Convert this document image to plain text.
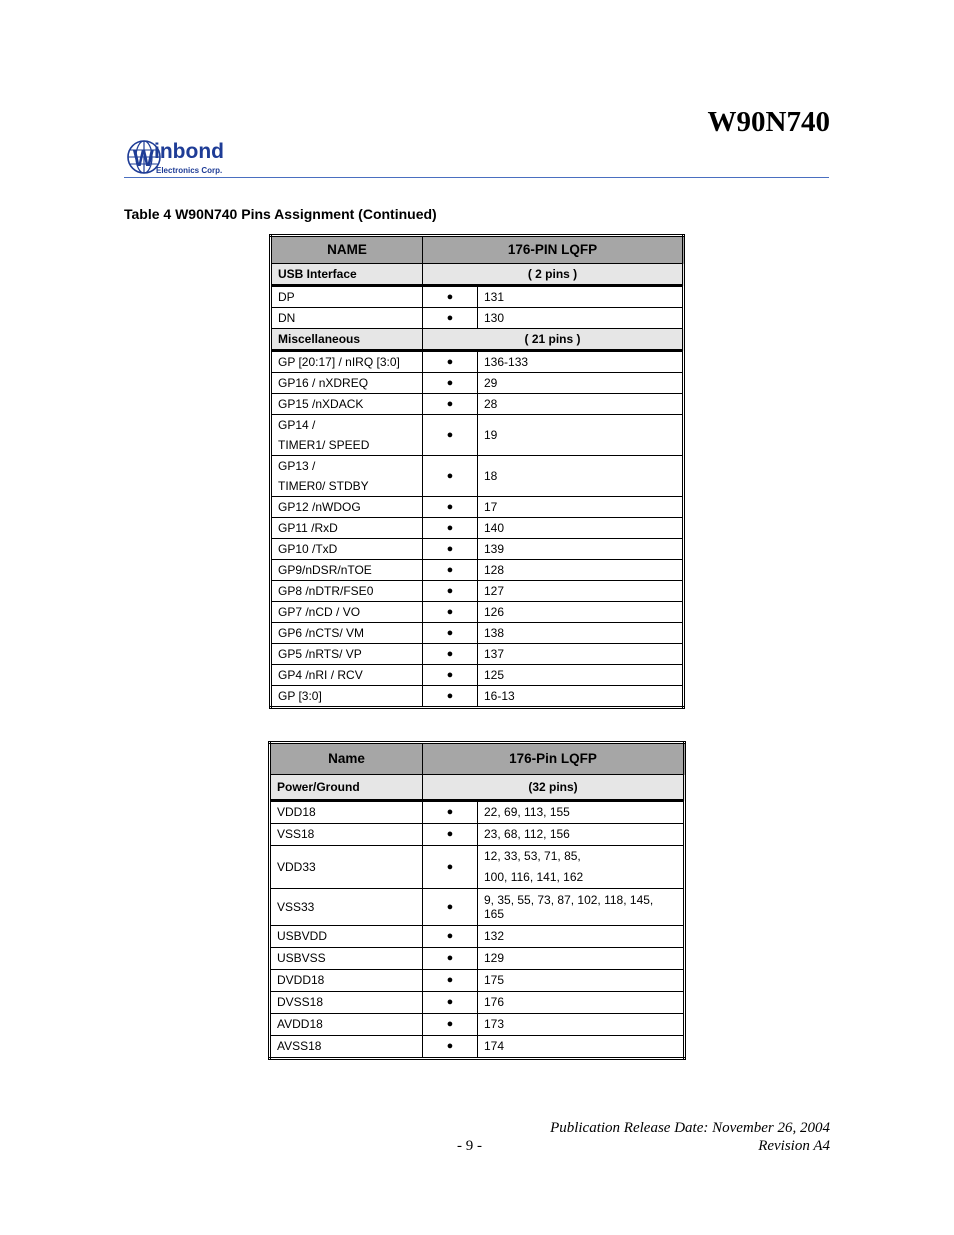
W90N740
W inbond
Electronics Corp.

Table 4 W90N740 Pins Assignment (Continued)

NAME	176-PIN LQFP	
USB Interface	( 2 pins )	

DP	●	131

DN	●	130

Miscellaneous	( 21 pins )	

GP [20:17] / nIRQ [3:0]	●	136-133

GP16 / nXDREQ	●	29

GP15 /nXDACK	●	28

GP14 /
TIMER1/ SPEED	●	19

GP13 /
TIMER0/ STDBY	●	18

GP12 /nWDOG	●	17

GP11 /RxD	●	140

GP10 /TxD	●	139

GP9/nDSR/nTOE	●	128

GP8 /nDTR/FSE0	●	127

GP7 /nCD / VO	●	126

GP6 /nCTS/ VM	●	138

GP5 /nRTS/ VP	●	137

GP4 /nRI / RCV	●	125

GP [3:0]	●	16-13
Name	176-Pin LQFP	
Power/Ground	(32 pins)	

VDD18	●	22, 69, 113, 155

VSS18	●	23, 68, 112, 156

VDD33	●	12, 33, 53, 71, 85,
100, 116, 141, 162

VSS33	●	9, 35, 55, 73, 87, 102, 118, 145,
165

USBVDD	●	132

USBVSS	●	129

DVDD18	●	175

DVSS18	●	176

AVDD18	●	173

AVSS18	●	174

Publication Release Date: November 26, 2004

- 9 -	Revision A4
